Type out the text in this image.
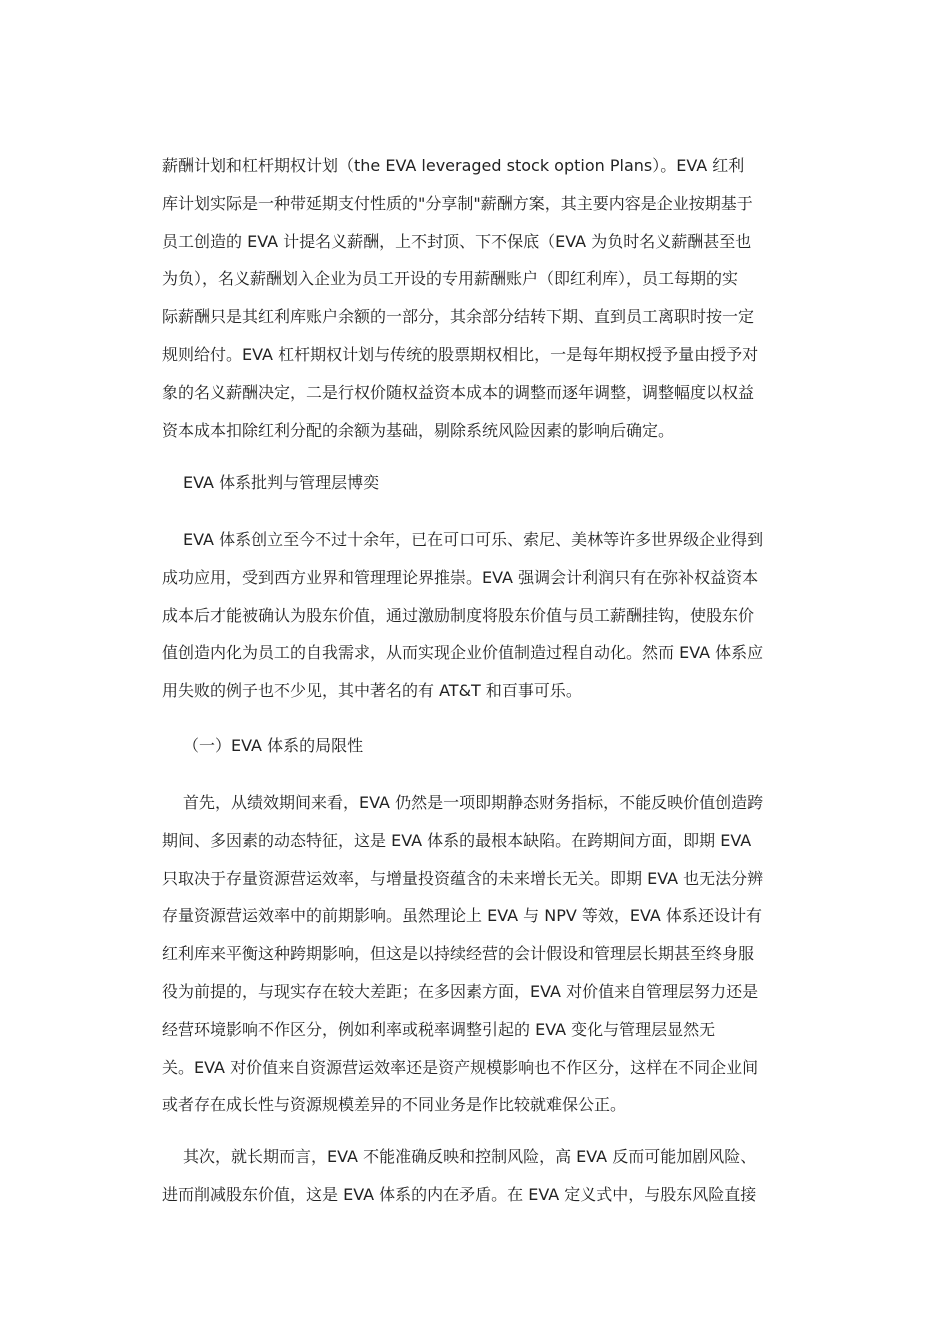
薪酬计划和杠杆期权计划（the EVA leveraged stock option Plans）。EVA 红利
库计划实际是一种带延期支付性质的"分享制"薪酬方案，其主要内容是企业按期基于
员工创造的 EVA 计提名义薪酬，上不封顶、下不保底（EVA 为负时名义薪酬甚至也
为负），名义薪酬划入企业为员工开设的专用薪酬账户（即红利库），员工每期的实
际薪酬只是其红利库账户余额的一部分，其余部分结转下期、直到员工离职时按一定
规则给付。EVA 杠杆期权计划与传统的股票期权相比，一是每年期权授予量由授予对
象的名义薪酬决定，二是行权价随权益资本成本的调整而逐年调整，调整幅度以权益
资本成本扣除红利分配的余额为基础，剔除系统风险因素的影响后确定。
EVA 体系批判与管理层博奕
EVA 体系创立至今不过十余年，已在可口可乐、索尼、美林等许多世界级企业得到
成功应用，受到西方业界和管理理论界推崇。EVA 强调会计利润只有在弥补权益资本
成本后才能被确认为股东价值，通过激励制度将股东价值与员工薪酬挂钩，使股东价
值创造内化为员工的自我需求，从而实现企业价值制造过程自动化。然而 EVA 体系应
用失败的例子也不少见，其中著名的有 AT&T 和百事可乐。
（一）EVA 体系的局限性
首先，从绩效期间来看，EVA 仍然是一项即期静态财务指标，不能反映价值创造跨
期间、多因素的动态特征，这是 EVA 体系的最根本缺陷。在跨期间方面，即期 EVA
只取决于存量资源营运效率，与增量投资蕴含的未来增长无关。即期 EVA 也无法分辨
存量资源营运效率中的前期影响。虽然理论上 EVA 与 NPV 等效，EVA 体系还设计有
红利库来平衡这种跨期影响，但这是以持续经营的会计假设和管理层长期甚至终身服
役为前提的，与现实存在较大差距；在多因素方面，EVA 对价值来自管理层努力还是
经营环境影响不作区分，例如利率或税率调整引起的 EVA 变化与管理层显然无
关。EVA 对价值来自资源营运效率还是资产规模影响也不作区分，这样在不同企业间
或者存在成长性与资源规模差异的不同业务是作比较就难保公正。
其次，就长期而言，EVA 不能准确反映和控制风险，高 EVA 反而可能加剧风险、
进而削减股东价值，这是 EVA 体系的内在矛盾。在 EVA 定义式中，与股东风险直接
